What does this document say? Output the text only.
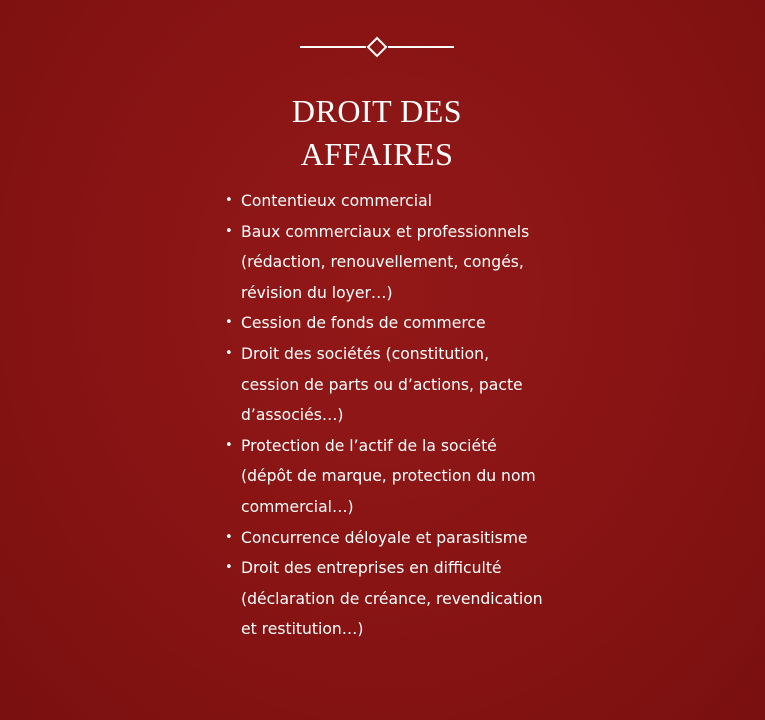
DROIT DES
AFFAIRES
• Contentieux commercial
• Baux commerciaux et professionnels (rédaction, renouvellement, congés, révision du loyer…)
• Cession de fonds de commerce
• Droit des sociétés (constitution, cession de parts ou d’actions, pacte d’associés…)
• Protection de l’actif de la société (dépôt de marque, protection du nom commercial…)
• Concurrence déloyale et parasitisme
• Droit des entreprises en difficulté (déclaration de créance, revendication et restitution…)
